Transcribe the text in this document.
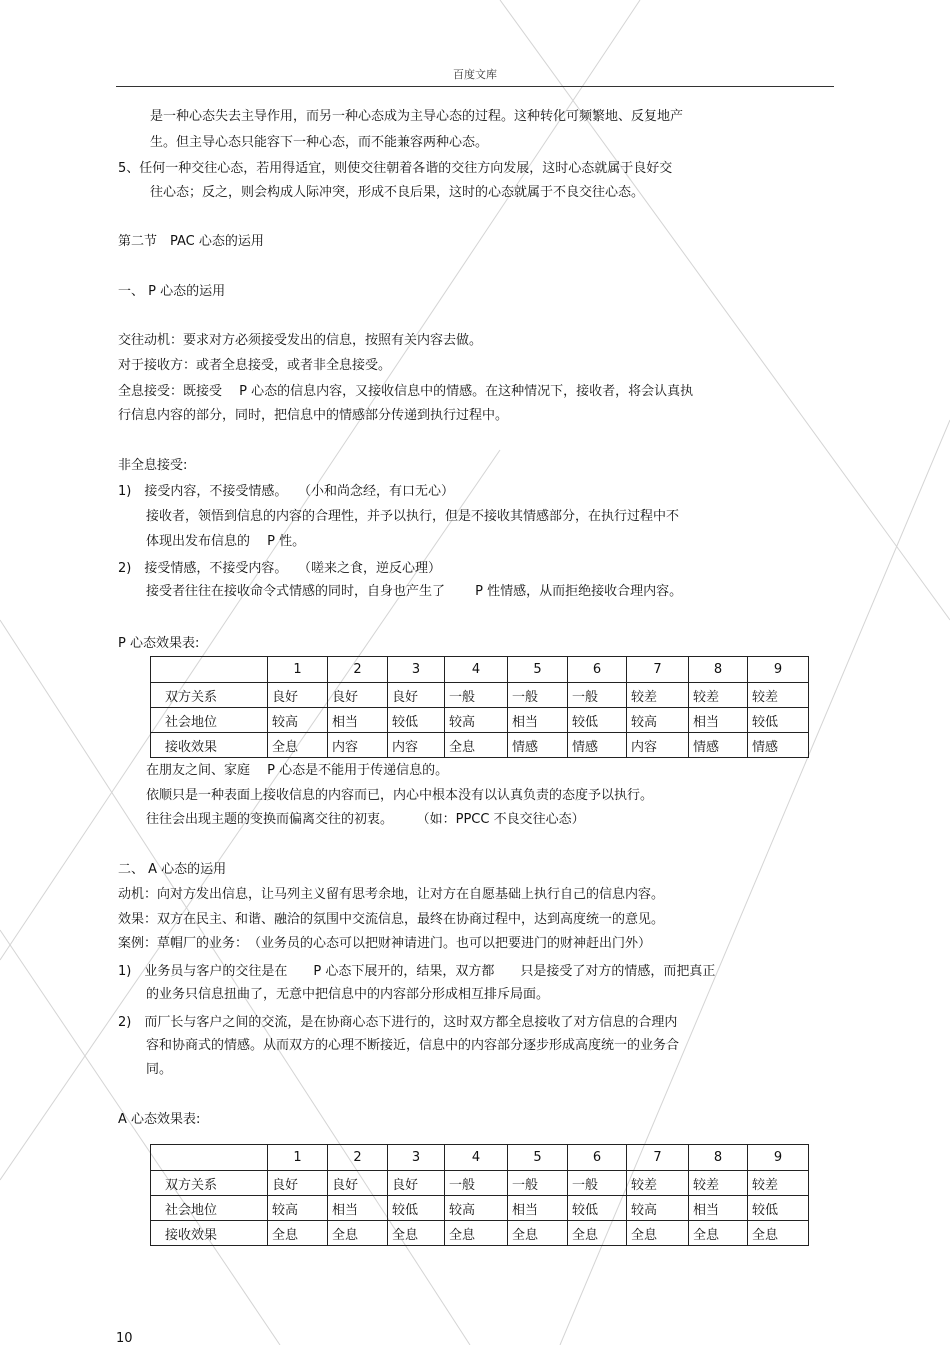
百度文库
是一种心态失去主导作用，而另一种心态成为主导心态的过程。这种转化可频繁地、反复地产
生。但主导心态只能容下一种心态，而不能兼容两种心态。
5、任何一种交往心态，若用得适宜，则使交往朝着各谐的交往方向发展，这时心态就属于良好交
往心态；反之，则会构成人际冲突，形成不良后果，这时的心态就属于不良交往心态。
第二节　PAC 心态的运用
一、 P 心态的运用
交往动机：要求对方必须接受发出的信息，按照有关内容去做。
对于接收方：或者全息接受，或者非全息接受。
全息接受：既接受　 P 心态的信息内容，又接收信息中的情感。在这种情况下，接收者，将会认真执
行信息内容的部分，同时，把信息中的情感部分传递到执行过程中。
非全息接受:
1)　接受内容，不接受情感。　 （小和尚念经，有口无心）
接收者，领悟到信息的内容的合理性，并予以执行，但是不接收其情感部分，在执行过程中不
体现出发布信息的　 P 性。
2)　接受情感，不接受内容。　 （嗟来之食，逆反心理）
接受者往往在接收命令式情感的同时，自身也产生了　　 P 性情感，从而拒绝接收合理内容。
P 心态效果表:
	1	2	3	4	5	6	7	8	9
双方关系	良好	良好	良好	一般	一般	一般	较差	较差	较差
社会地位	较高	相当	较低	较高	相当	较低	较高	相当	较低
接收效果	全息	内容	内容	全息	情感	情感	内容	情感	情感
在朋友之间、家庭　 P 心态是不能用于传递信息的。
依顺只是一种表面上接收信息的内容而已，内心中根本没有以认真负责的态度予以执行。
往往会出现主题的变换而偏离交往的初衷。　　 （如：PPCC 不良交往心态）
二、 A 心态的运用
动机：向对方发出信息，让马列主义留有思考余地，让对方在自愿基础上执行自己的信息内容。
效果：双方在民主、和谐、融洽的氛围中交流信息，最终在协商过程中，达到高度统一的意见。
案例：草帽厂的业务：　（业务员的心态可以把财神请进门。也可以把要进门的财神赶出门外）
1)　业务员与客户的交往是在　　P 心态下展开的，结果，双方都　　只是接受了对方的情感，而把真正
的业务只信息扭曲了，无意中把信息中的内容部分形成相互排斥局面。
2)　而厂长与客户之间的交流，是在协商心态下进行的，这时双方都全息接收了对方信息的合理内
容和协商式的情感。从而双方的心理不断接近，信息中的内容部分逐步形成高度统一的业务合
同。
A 心态效果表:
	1	2	3	4	5	6	7	8	9
双方关系	良好	良好	良好	一般	一般	一般	较差	较差	较差
社会地位	较高	相当	较低	较高	相当	较低	较高	相当	较低
接收效果	全息	全息	全息	全息	全息	全息	全息	全息	全息
10
